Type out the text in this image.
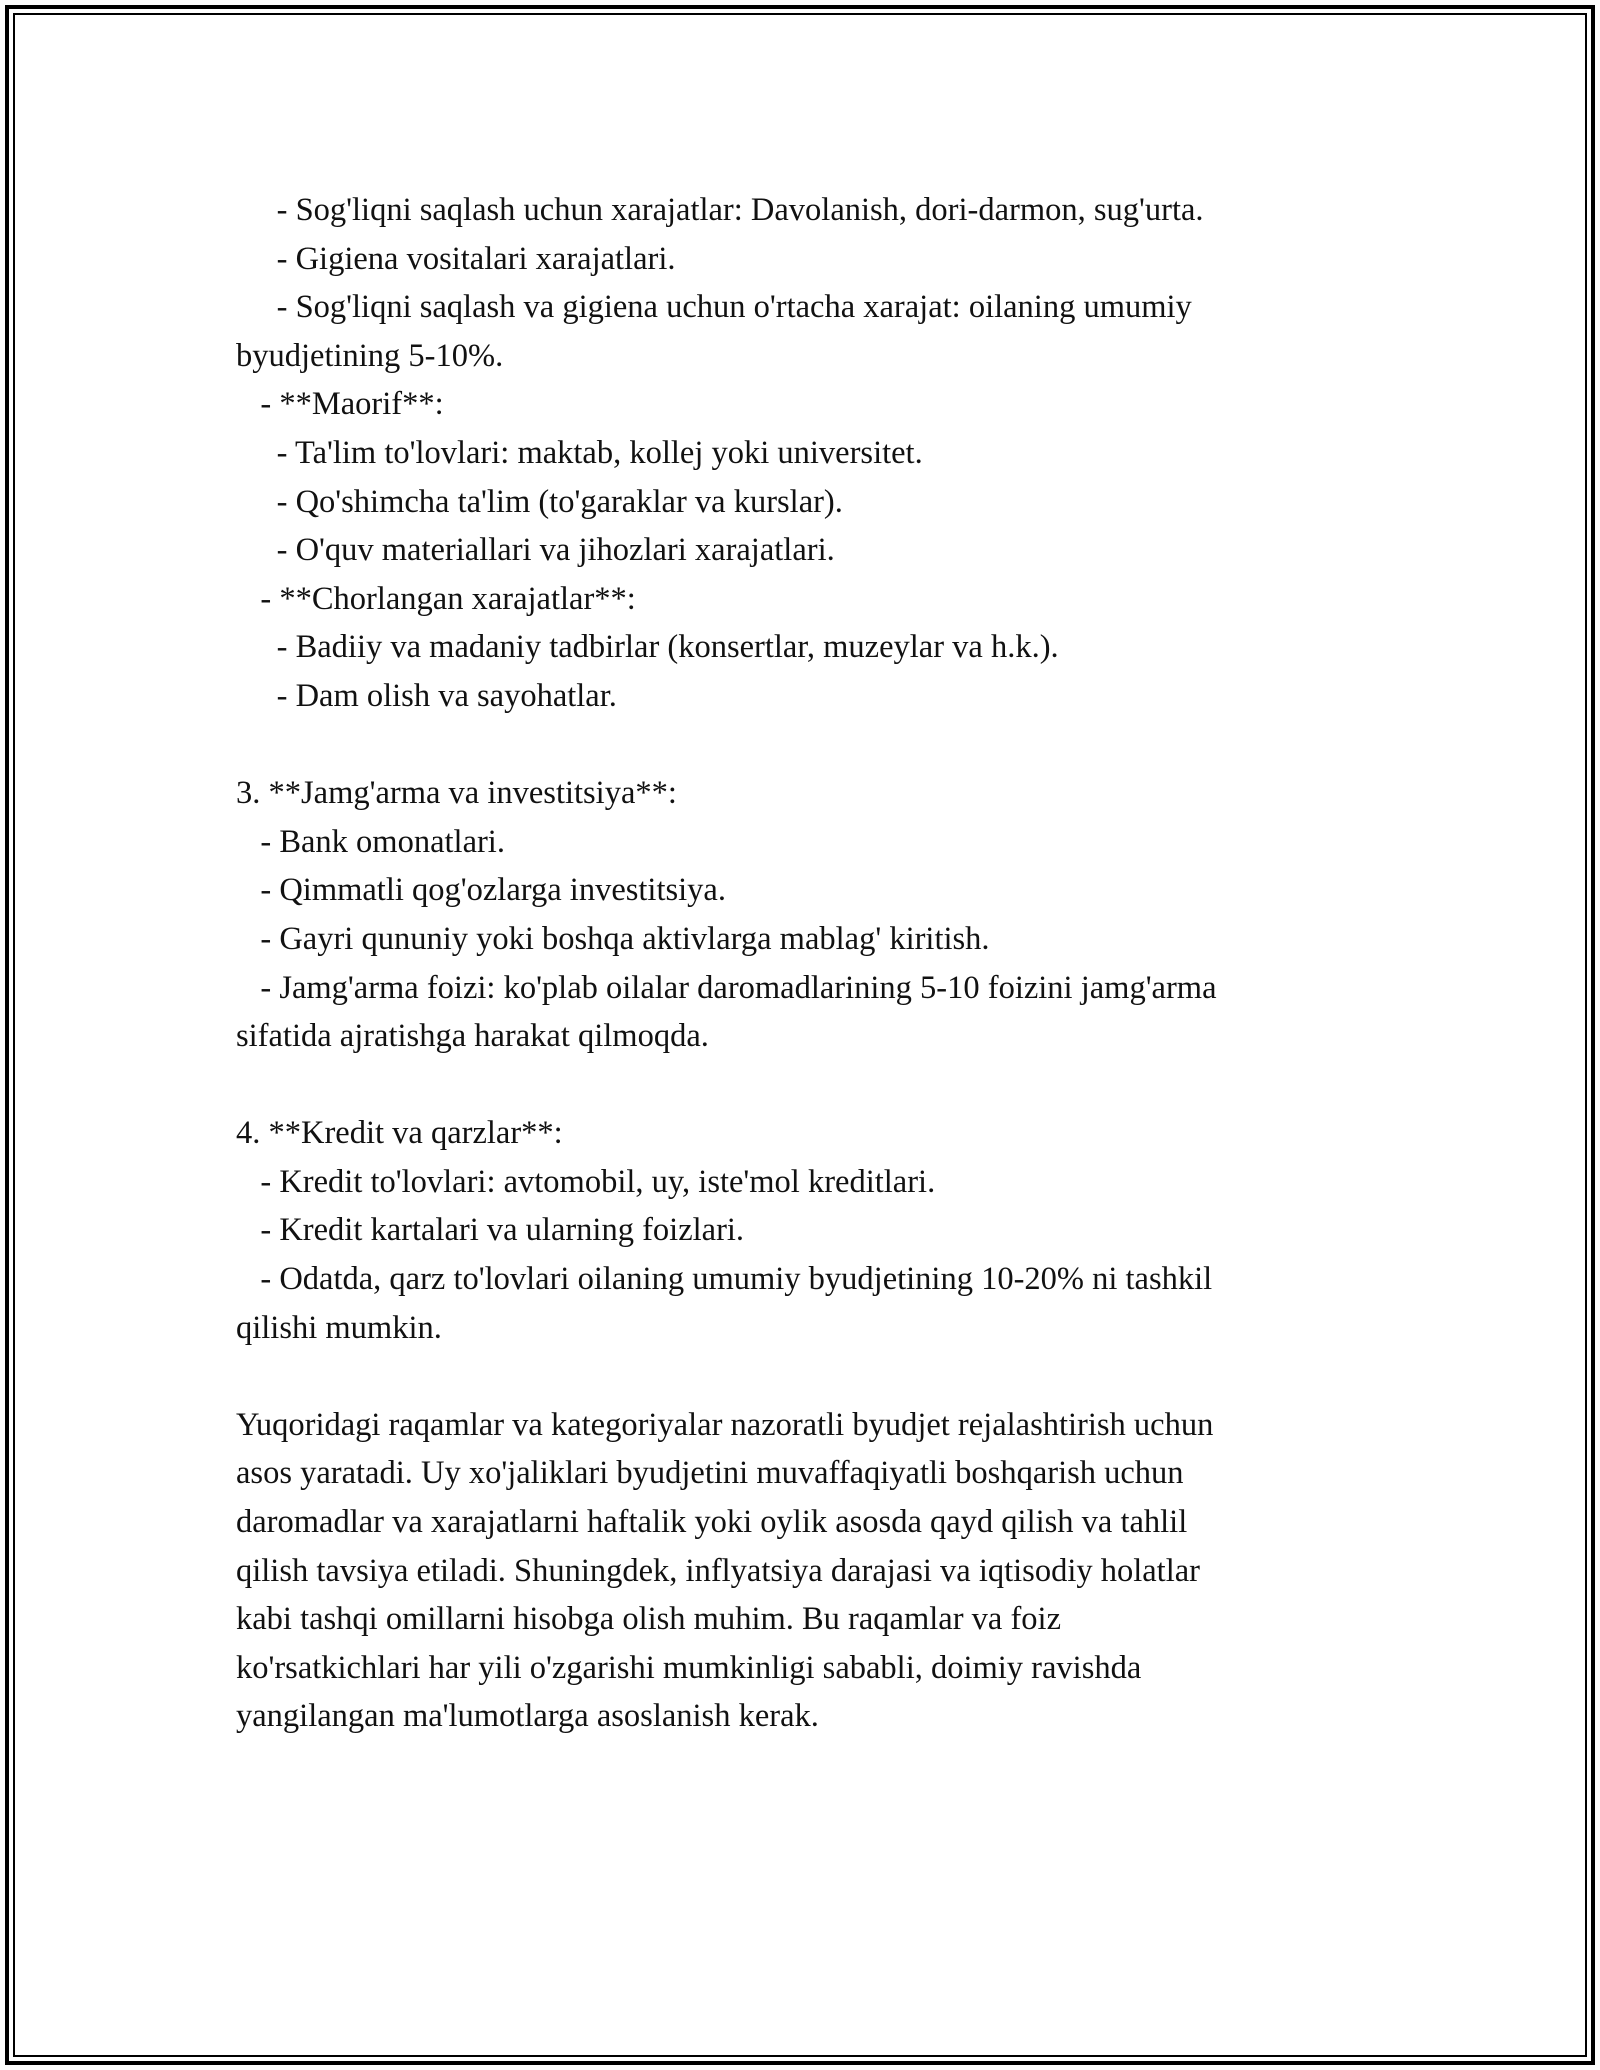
- Sog'liqni saqlash uchun xarajatlar: Davolanish, dori-darmon, sug'urta.
- Gigiena vositalari xarajatlari.
- Sog'liqni saqlash va gigiena uchun o'rtacha xarajat: oilaning umumiy
byudjetining 5-10%.
- **Maorif**:
- Ta'lim to'lovlari: maktab, kollej yoki universitet.
- Qo'shimcha ta'lim (to'garaklar va kurslar).
- O'quv materiallari va jihozlari xarajatlari.
- **Chorlangan xarajatlar**:
- Badiiy va madaniy tadbirlar (konsertlar, muzeylar va h.k.).
- Dam olish va sayohatlar.
3. **Jamg'arma va investitsiya**:
- Bank omonatlari.
- Qimmatli qog'ozlarga investitsiya.
- Gayri qununiy yoki boshqa aktivlarga mablag' kiritish.
- Jamg'arma foizi: ko'plab oilalar daromadlarining 5-10 foizini jamg'arma
sifatida ajratishga harakat qilmoqda.
4. **Kredit va qarzlar**:
- Kredit to'lovlari: avtomobil, uy, iste'mol kreditlari.
- Kredit kartalari va ularning foizlari.
- Odatda, qarz to'lovlari oilaning umumiy byudjetining 10-20% ni tashkil
qilishi mumkin.
Yuqoridagi raqamlar va kategoriyalar nazoratli byudjet rejalashtirish uchun
asos yaratadi. Uy xo'jaliklari byudjetini muvaffaqiyatli boshqarish uchun
daromadlar va xarajatlarni haftalik yoki oylik asosda qayd qilish va tahlil
qilish tavsiya etiladi. Shuningdek, inflyatsiya darajasi va iqtisodiy holatlar
kabi tashqi omillarni hisobga olish muhim. Bu raqamlar va foiz
ko'rsatkichlari har yili o'zgarishi mumkinligi sababli, doimiy ravishda
yangilangan ma'lumotlarga asoslanish kerak.
